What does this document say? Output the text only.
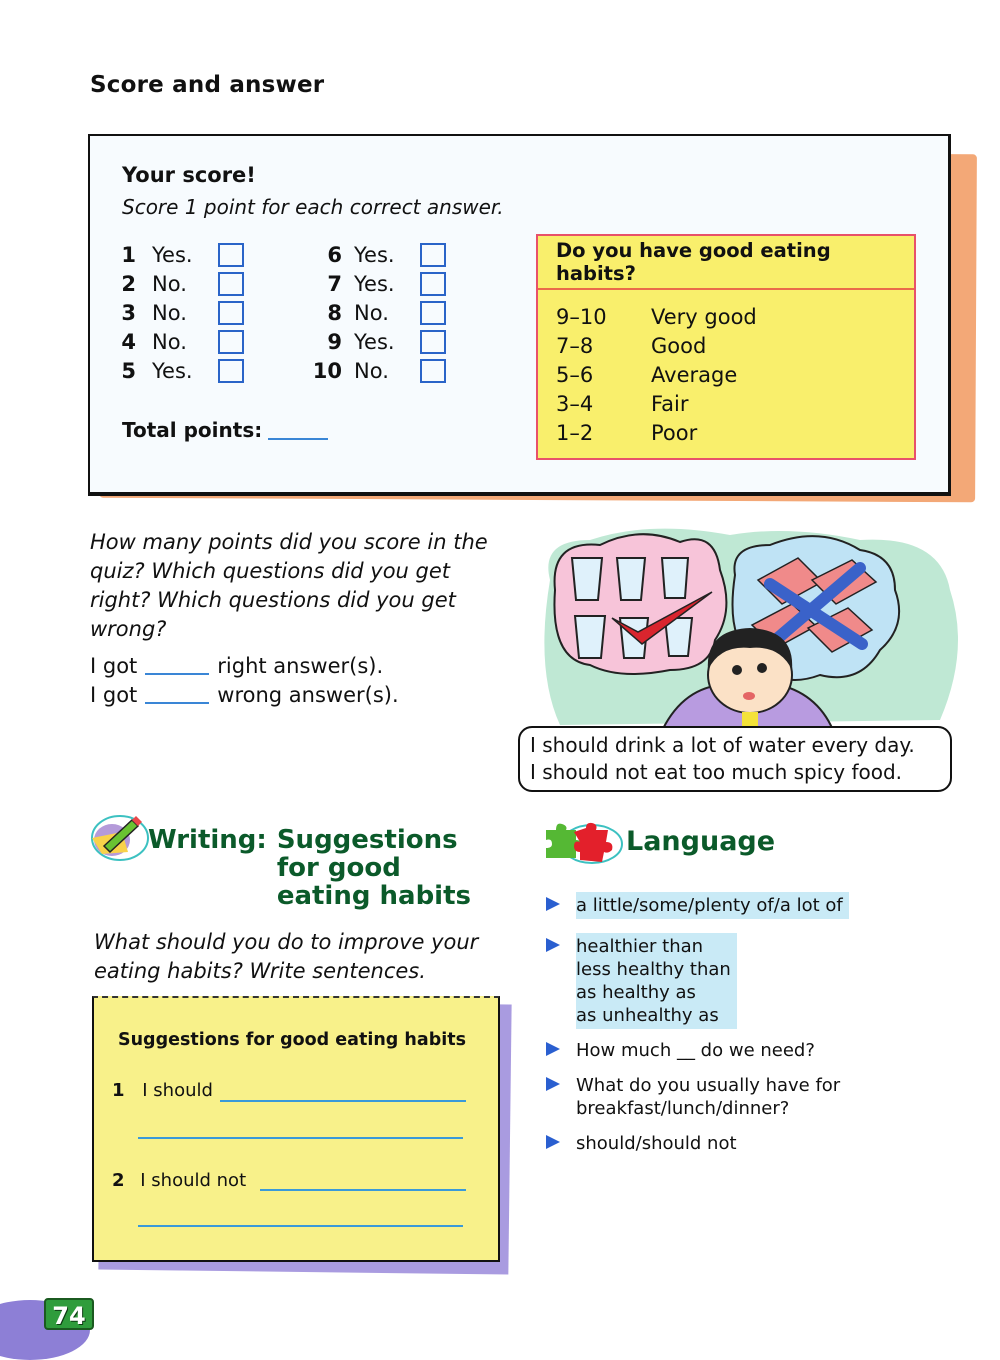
Score and answer
Your score!
Score 1 point for each correct answer.
1 Yes.
2 No.
3 No.
4 No.
5 Yes.
6 Yes.
7 Yes.
8 No.
9 Yes.
10 No.
Total points:
Do you have good eating habits?
9–10	Very good
7–8	Good
5–6	Average
3–4	Fair
1–2	Poor
How many points did you score in the quiz? Which questions did you get right? Which questions did you get wrong?
I got	right answer(s).
I got	wrong answer(s).
I should drink a lot of water every day.
I should not eat too much spicy food.
Writing: Suggestions
for good
eating habits
What should you do to improve your eating habits? Write sentences.
Suggestions for good eating habits
1 I should
2 I should not
74
Language
a little/some/plenty of/a lot of
healthier than
less healthy than
as healthy as
as unhealthy as
How much __ do we need?
What do you usually have for
breakfast/lunch/dinner?
should/should not
